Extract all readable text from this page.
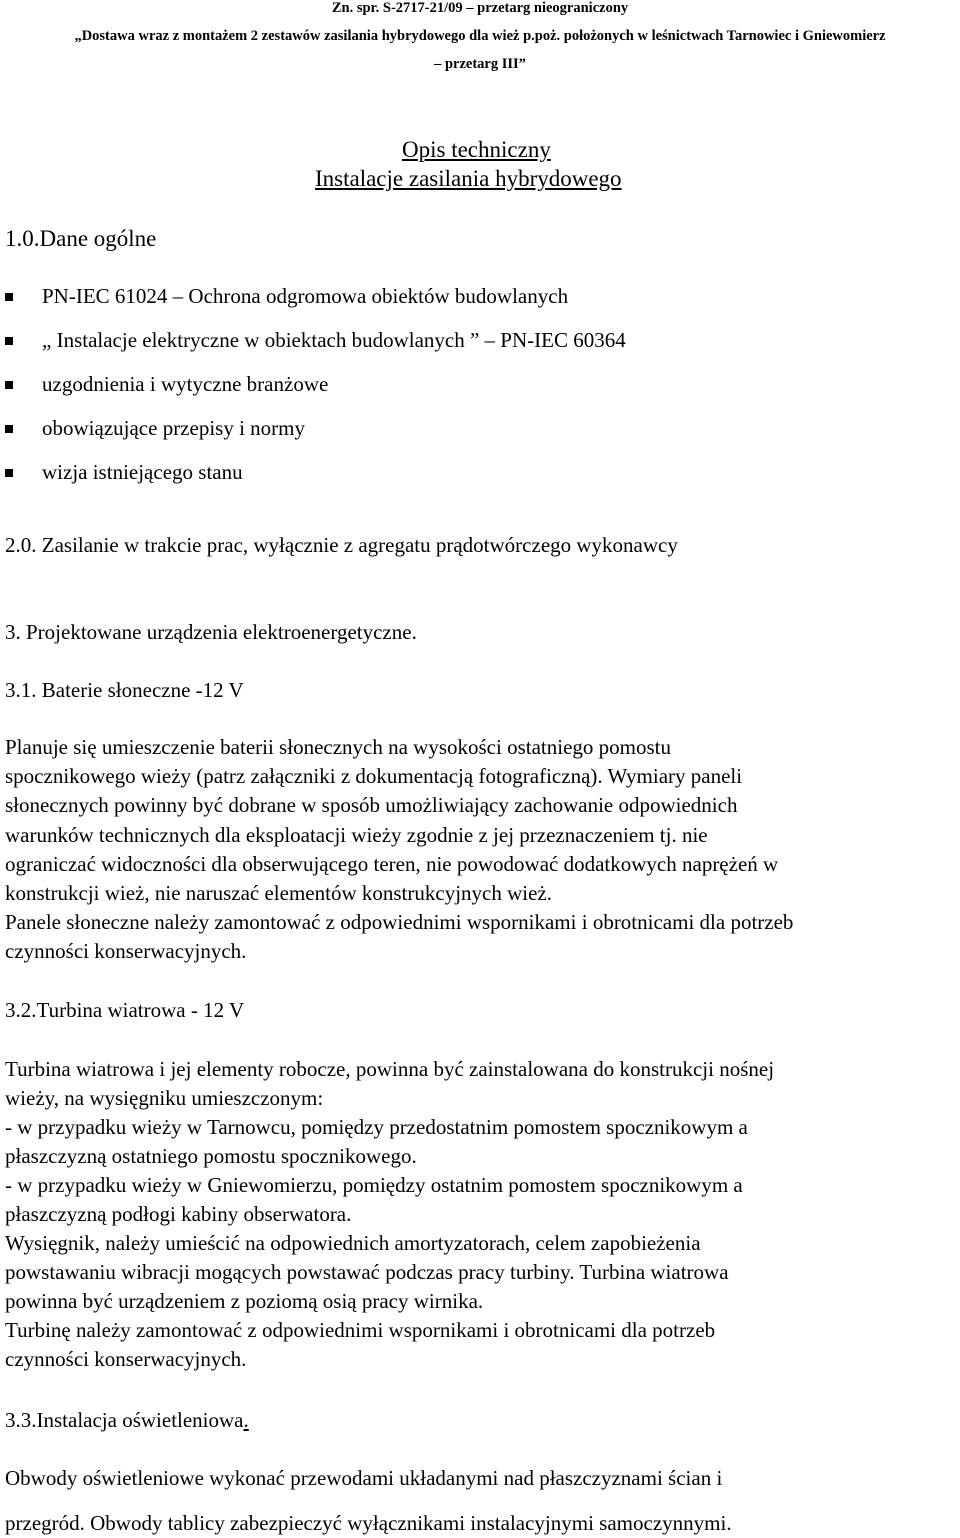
Zn. spr. S-2717-21/09 – przetarg nieograniczony
„Dostawa wraz z montażem 2 zestawów zasilania hybrydowego dla wież p.poż. położonych w leśnictwach Tarnowiec i Gniewomierz
– przetarg III”
Opis techniczny
Instalacje zasilania hybrydowego
1.0.Dane ogólne
PN-IEC 61024 – Ochrona odgromowa obiektów budowlanych
„ Instalacje elektryczne w obiektach budowlanych ” – PN-IEC 60364
uzgodnienia i wytyczne branżowe
obowiązujące przepisy i normy
wizja istniejącego stanu
2.0. Zasilanie w trakcie prac, wyłącznie z agregatu prądotwórczego wykonawcy
3. Projektowane urządzenia elektroenergetyczne.
3.1. Baterie słoneczne -12 V
Planuje się umieszczenie baterii słonecznych na wysokości ostatniego pomostu
spocznikowego wieży (patrz załączniki z dokumentacją fotograficzną). Wymiary paneli
słonecznych powinny być dobrane w sposób umożliwiający zachowanie odpowiednich
warunków technicznych dla eksploatacji wieży zgodnie z jej przeznaczeniem tj. nie
ograniczać widoczności dla obserwującego teren, nie powodować dodatkowych naprężeń w
konstrukcji wież, nie naruszać elementów konstrukcyjnych wież.
Panele słoneczne należy zamontować z odpowiednimi wspornikami i obrotnicami dla potrzeb
czynności konserwacyjnych.
3.2.Turbina wiatrowa - 12 V
Turbina wiatrowa i jej elementy robocze, powinna być zainstalowana do konstrukcji nośnej
wieży, na wysięgniku umieszczonym:
- w przypadku wieży w Tarnowcu, pomiędzy przedostatnim pomostem spocznikowym a
płaszczyzną ostatniego pomostu spocznikowego.
- w przypadku wieży w Gniewomierzu, pomiędzy ostatnim pomostem spocznikowym a
płaszczyzną podłogi kabiny obserwatora.
Wysięgnik, należy umieścić na odpowiednich amortyzatorach, celem zapobieżenia
powstawaniu wibracji mogących powstawać podczas pracy turbiny. Turbina wiatrowa
powinna być urządzeniem z poziomą osią pracy wirnika.
Turbinę należy zamontować z odpowiednimi wspornikami i obrotnicami dla potrzeb
czynności konserwacyjnych.
3.3.Instalacja oświetleniowa.
Obwody oświetleniowe wykonać przewodami układanymi nad płaszczyznami ścian i
przegród. Obwody tablicy zabezpieczyć wyłącznikami instalacyjnymi samoczynnymi.
